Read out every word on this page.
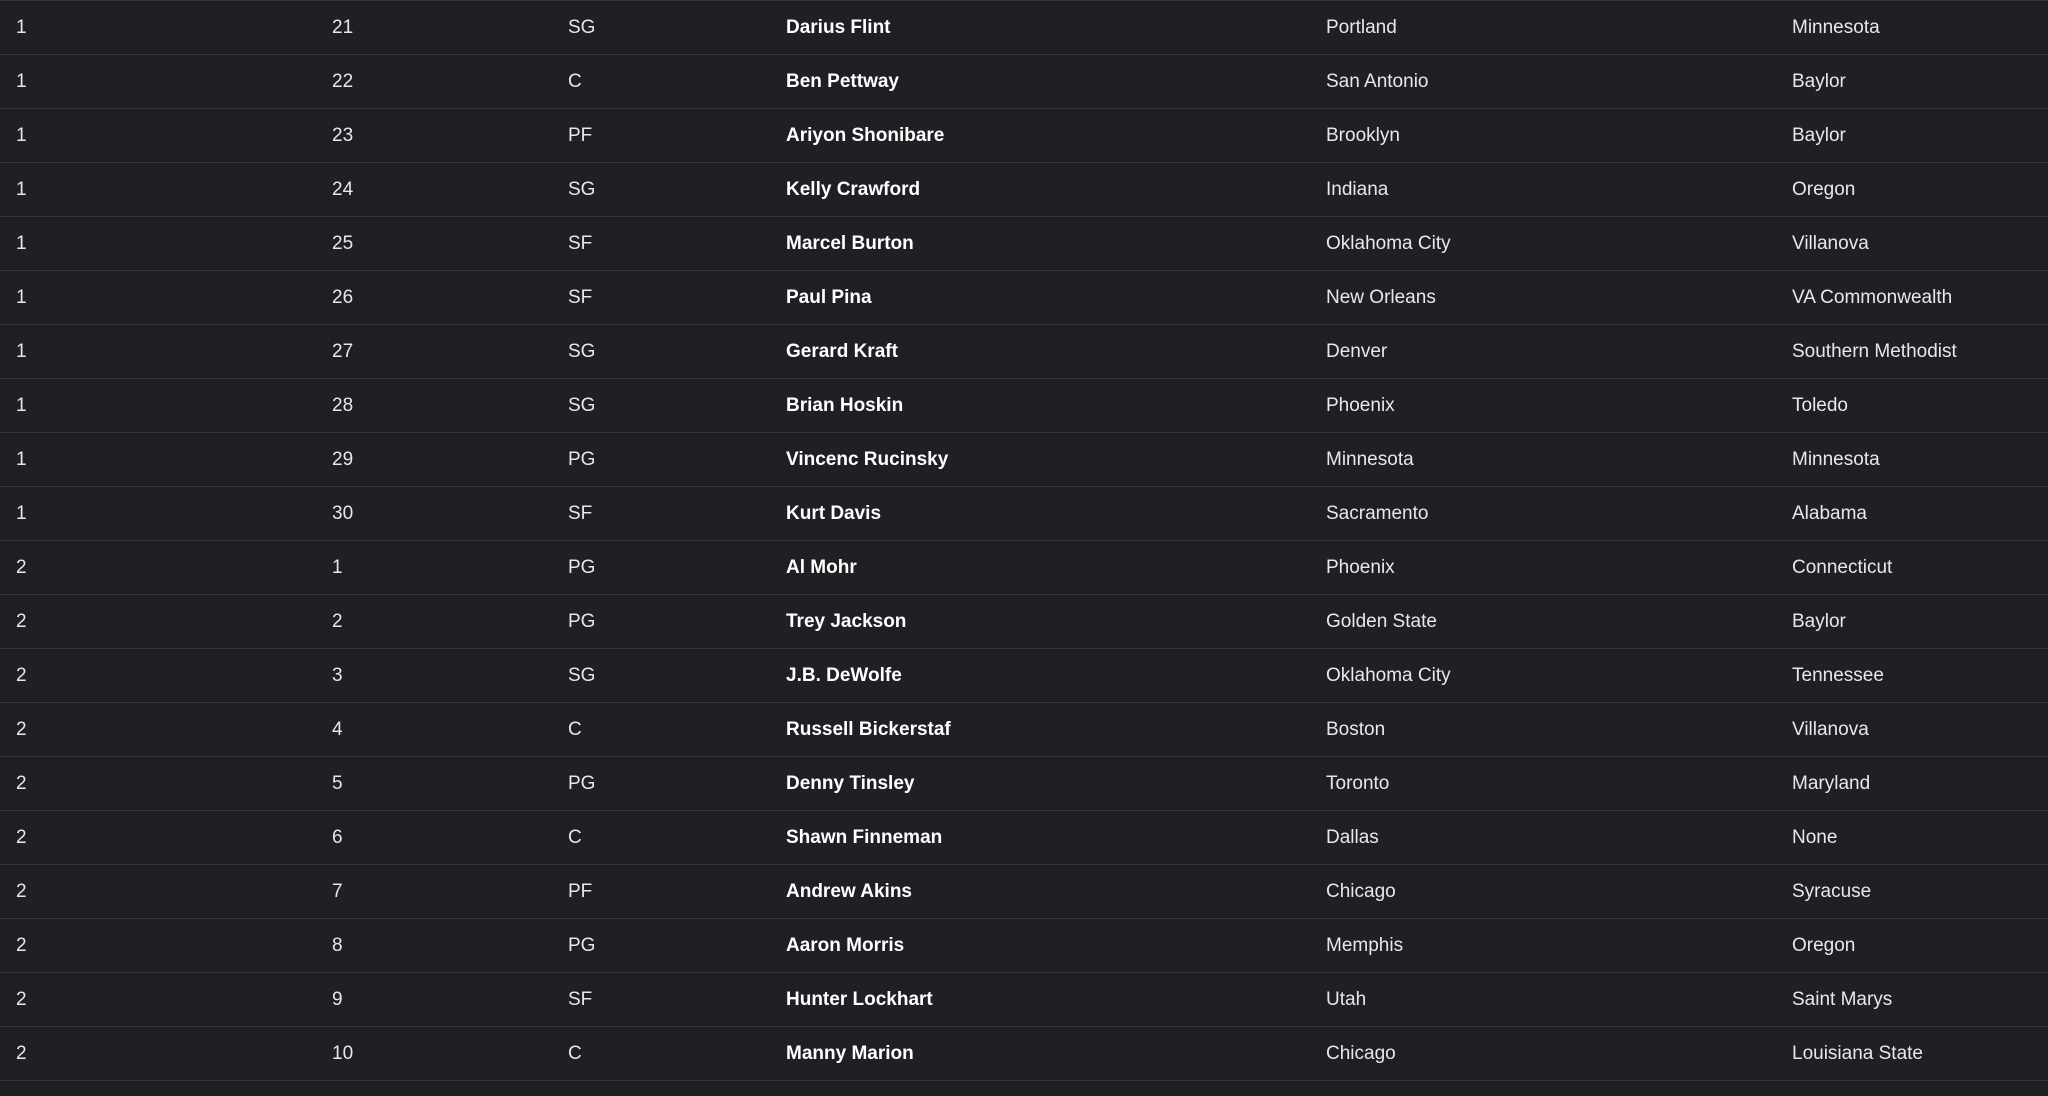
1	21	SG	Darius Flint	Portland	Minnesota
1	22	C	Ben Pettway	San Antonio	Baylor
1	23	PF	Ariyon Shonibare	Brooklyn	Baylor
1	24	SG	Kelly Crawford	Indiana	Oregon
1	25	SF	Marcel Burton	Oklahoma City	Villanova
1	26	SF	Paul Pina	New Orleans	VA Commonwealth
1	27	SG	Gerard Kraft	Denver	Southern Methodist
1	28	SG	Brian Hoskin	Phoenix	Toledo
1	29	PG	Vincenc Rucinsky	Minnesota	Minnesota
1	30	SF	Kurt Davis	Sacramento	Alabama
2	1	PG	Al Mohr	Phoenix	Connecticut
2	2	PG	Trey Jackson	Golden State	Baylor
2	3	SG	J.B. DeWolfe	Oklahoma City	Tennessee
2	4	C	Russell Bickerstaf	Boston	Villanova
2	5	PG	Denny Tinsley	Toronto	Maryland
2	6	C	Shawn Finneman	Dallas	None
2	7	PF	Andrew Akins	Chicago	Syracuse
2	8	PG	Aaron Morris	Memphis	Oregon
2	9	SF	Hunter Lockhart	Utah	Saint Marys
2	10	C	Manny Marion	Chicago	Louisiana State
